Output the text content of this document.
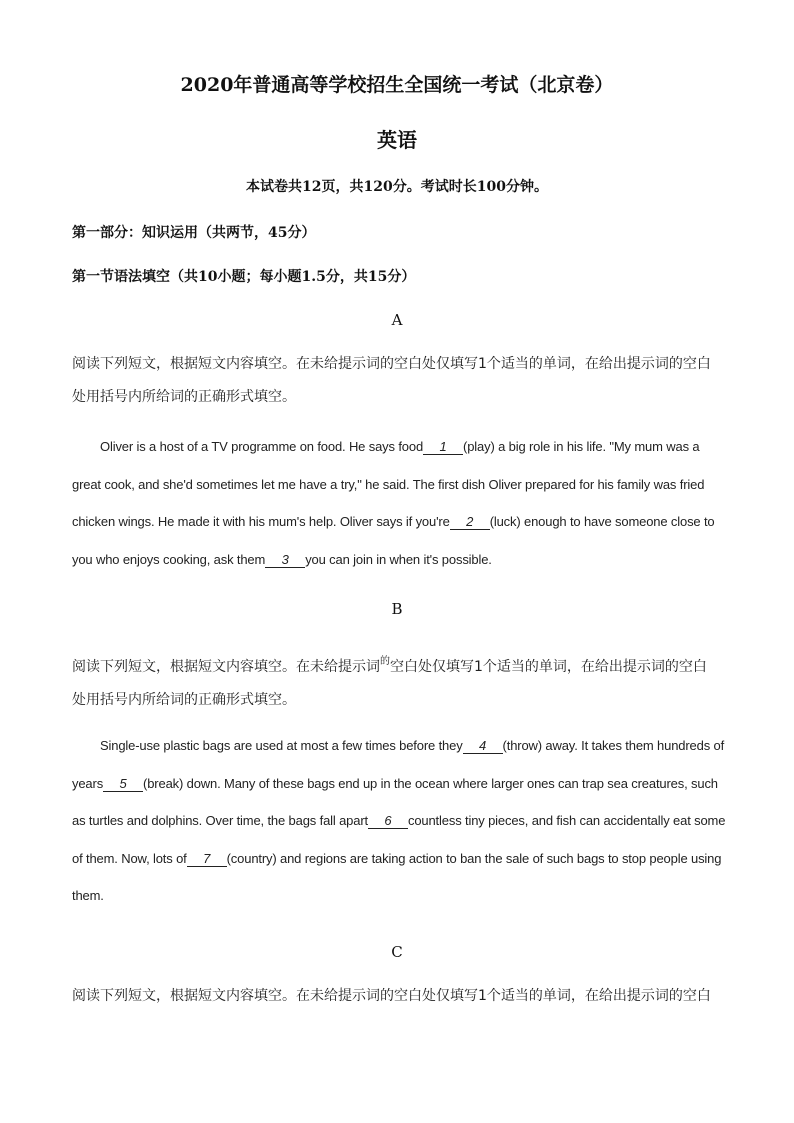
2020年普通高等学校招生全国统一考试（北京卷）
英语
本试卷共12页，共120分。考试时长100分钟。
第一部分：知识运用（共两节，45分）
第一节语法填空（共10小题；每小题1.5分，共15分）
A
阅读下列短文，根据短文内容填空。在未给提示词的空白处仅填写1个适当的单词，在给出提示词的空白
处用括号内所给词的正确形式填空。
Oliver is a host of a TV programme on food. He says food 1 (play) a big role in his life. "My mum was a great cook, and she'd sometimes let me have a try," he said. The first dish Oliver prepared for his family was fried chicken wings. He made it with his mum's help. Oliver says if you're 2 (luck) enough to have someone close to you who enjoys cooking, ask them 3 you can join in when it's possible.
B
阅读下列短文，根据短文内容填空。在未给提示词$^的$空白处仅填写1个适当的单词，在给出提示词的空白
处用括号内所给词的正确形式填空。
Single-use plastic bags are used at most a few times before they 4 (throw) away. It takes them hundreds of years 5 (break) down. Many of these bags end up in the ocean where larger ones can trap sea creatures, such as turtles and dolphins. Over time, the bags fall apart 6 countless tiny pieces, and fish can accidentally eat some of them. Now, lots of 7 (country) and regions are taking action to ban the sale of such bags to stop people using them.
C
阅读下列短文，根据短文内容填空。在未给提示词的空白处仅填写1个适当的单词，在给出提示词的空白
